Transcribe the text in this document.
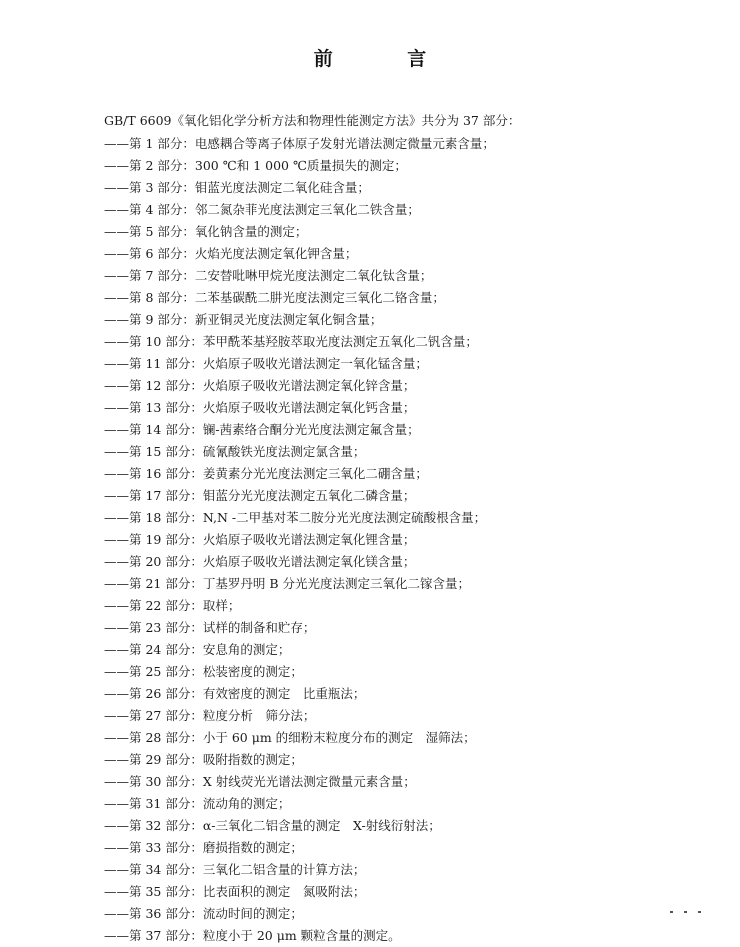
前 言
GB/T 6609《氧化铝化学分析方法和物理性能测定方法》共分为 37 部分：
——第 1 部分：电感耦合等离子体原子发射光谱法测定微量元素含量；
——第 2 部分：300 ℃和 1 000 ℃质量损失的测定；
——第 3 部分：钼蓝光度法测定二氧化硅含量；
——第 4 部分：邻二氮杂菲光度法测定三氧化二铁含量；
——第 5 部分：氧化钠含量的测定；
——第 6 部分：火焰光度法测定氧化钾含量；
——第 7 部分：二安替吡啉甲烷光度法测定二氧化钛含量；
——第 8 部分：二苯基碳酰二肼光度法测定三氧化二铬含量；
——第 9 部分：新亚铜灵光度法测定氧化铜含量；
——第 10 部分：苯甲酰苯基羟胺萃取光度法测定五氧化二钒含量；
——第 11 部分：火焰原子吸收光谱法测定一氧化锰含量；
——第 12 部分：火焰原子吸收光谱法测定氧化锌含量；
——第 13 部分：火焰原子吸收光谱法测定氧化钙含量；
——第 14 部分：镧-茜素络合酮分光光度法测定氟含量；
——第 15 部分：硫氰酸铁光度法测定氯含量；
——第 16 部分：姜黄素分光光度法测定三氧化二硼含量；
——第 17 部分：钼蓝分光光度法测定五氧化二磷含量；
——第 18 部分：N,N -二甲基对苯二胺分光光度法测定硫酸根含量；
——第 19 部分：火焰原子吸收光谱法测定氧化锂含量；
——第 20 部分：火焰原子吸收光谱法测定氧化镁含量；
——第 21 部分：丁基罗丹明 B 分光光度法测定三氧化二镓含量；
——第 22 部分：取样；
——第 23 部分：试样的制备和贮存；
——第 24 部分：安息角的测定；
——第 25 部分：松装密度的测定；
——第 26 部分：有效密度的测定　比重瓶法；
——第 27 部分：粒度分析　筛分法；
——第 28 部分：小于 60 μm 的细粉末粒度分布的测定　湿筛法；
——第 29 部分：吸附指数的测定；
——第 30 部分：X 射线荧光光谱法测定微量元素含量；
——第 31 部分：流动角的测定；
——第 32 部分：α-三氧化二铝含量的测定　X-射线衍射法；
——第 33 部分：磨损指数的测定；
——第 34 部分：三氧化二铝含量的计算方法；
——第 35 部分：比表面积的测定　氮吸附法；
——第 36 部分：流动时间的测定；
——第 37 部分：粒度小于 20 μm 颗粒含量的测定。
